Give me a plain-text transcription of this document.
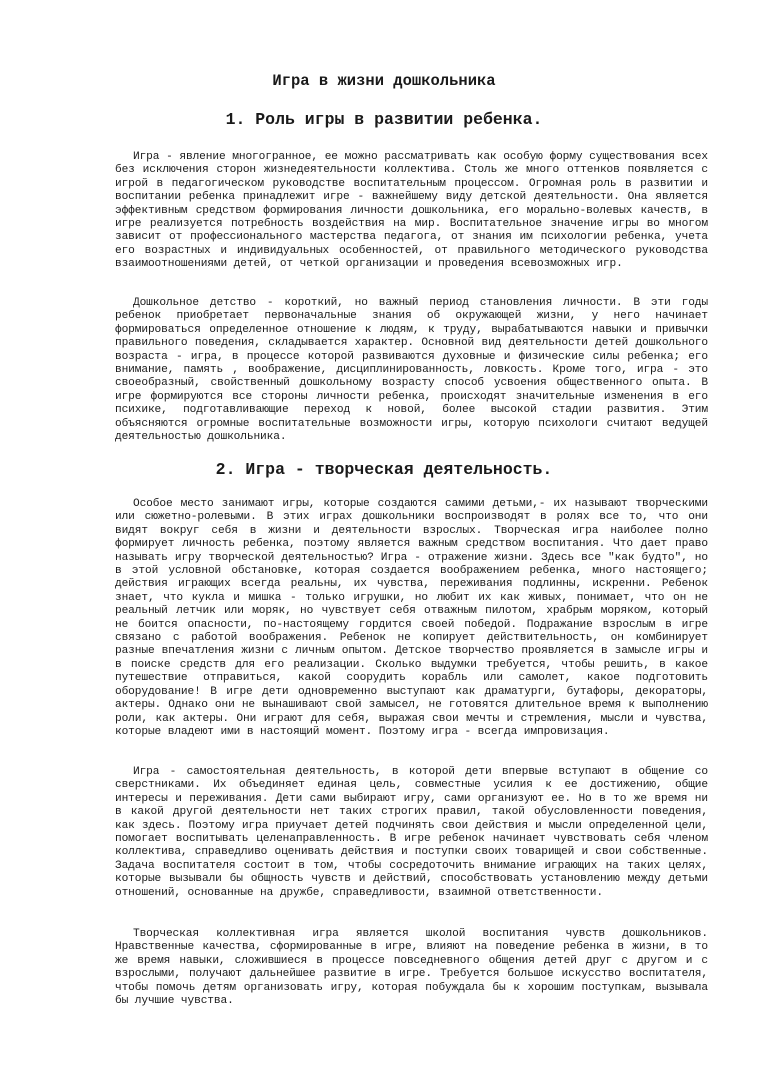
Игра в жизни дошкольника
1. Роль игры в развитии ребенка.

Игра - явление многогранное, ее можно рассматривать как особую форму существования всех без исключения сторон жизнедеятельности коллектива. Столь же много оттенков появляется с игрой в педагогическом руководстве воспитательным процессом. Огромная роль в развитии и воспитании ребенка принадлежит игре - важнейшему виду детской деятельности. Она является эффективным средством формирования личности дошкольника, его морально-волевых качеств, в игре реализуется потребность воздействия на мир. Воспитательное значение игры во многом зависит от профессионального мастерства педагога, от знания им психологии ребенка, учета его возрастных и индивидуальных особенностей, от правильного методического руководства взаимоотношениями детей, от четкой организации и проведения всевозможных игр.

Дошкольное детство - короткий, но важный период становления личности. В эти годы ребенок приобретает первоначальные знания об окружающей жизни, у него начинает формироваться определенное отношение к людям, к труду, вырабатываются навыки и привычки правильного поведения, складывается характер. Основной вид деятельности детей дошкольного возраста - игра, в процессе которой развиваются духовные и физические силы ребенка; его внимание, память , воображение, дисциплинированность, ловкость. Кроме того, игра - это своеобразный, свойственный дошкольному возрасту способ усвоения общественного опыта. В игре формируются все стороны личности ребенка, происходят значительные изменения в его психике, подготавливающие переход к новой, более высокой стадии развития. Этим объясняются огромные воспитательные возможности игры, которую психологи считают ведущей деятельностью дошкольника.

2. Игра - творческая деятельность.

Особое место занимают игры, которые создаются самими детьми,- их называют творческими или сюжетно-ролевыми. В этих играх дошкольники воспроизводят в ролях все то, что они видят вокруг себя в жизни и деятельности взрослых. Творческая игра наиболее полно формирует личность ребенка, поэтому является важным средством воспитания. Что дает право называть игру творческой деятельностью? Игра - отражение жизни. Здесь все "как будто", но в этой условной обстановке, которая создается воображением ребенка, много настоящего; действия играющих всегда реальны, их чувства, переживания подлинны, искренни. Ребенок знает, что кукла и мишка - только игрушки, но любит их как живых, понимает, что он не реальный летчик или моряк, но чувствует себя отважным пилотом, храбрым моряком, который не боится опасности, по-настоящему гордится своей победой. Подражание взрослым в игре связано с работой воображения. Ребенок не копирует действительность, он комбинирует разные впечатления жизни с личным опытом. Детское творчество проявляется в замысле игры и в поиске средств для его реализации. Сколько выдумки требуется, чтобы решить, в какое путешествие отправиться, какой соорудить корабль или самолет, какое подготовить оборудование! В игре дети одновременно выступают как драматурги, бутафоры, декораторы, актеры. Однако они не вынашивают свой замысел, не готовятся длительное время к выполнению роли, как актеры. Они играют для себя, выражая свои мечты и стремления, мысли и чувства, которые владеют ими в настоящий момент. Поэтому игра - всегда импровизация.

Игра - самостоятельная деятельность, в которой дети впервые вступают в общение со сверстниками. Их объединяет единая цель, совместные усилия к ее достижению, общие интересы и переживания. Дети сами выбирают игру, сами организуют ее. Но в то же время ни в какой другой деятельности нет таких строгих правил, такой обусловленности поведения, как здесь. Поэтому игра приучает детей подчинять свои действия и мысли определенной цели, помогает воспитывать целенаправленность. В игре ребенок начинает чувствовать себя членом коллектива, справедливо оценивать действия и поступки своих товарищей и свои собственные. Задача воспитателя состоит в том, чтобы сосредоточить внимание играющих на таких целях, которые вызывали бы общность чувств и действий, способствовать установлению между детьми отношений, основанные на дружбе, справедливости, взаимной ответственности.

Творческая коллективная игра является школой воспитания чувств дошкольников. Нравственные качества, сформированные в игре, влияют на поведение ребенка в жизни, в то же время навыки, сложившиеся в процессе повседневного общения детей друг с другом и с взрослыми, получают дальнейшее развитие в игре. Требуется большое искусство воспитателя, чтобы помочь детям организовать игру, которая побуждала бы к хорошим поступкам, вызывала бы лучшие чувства.
